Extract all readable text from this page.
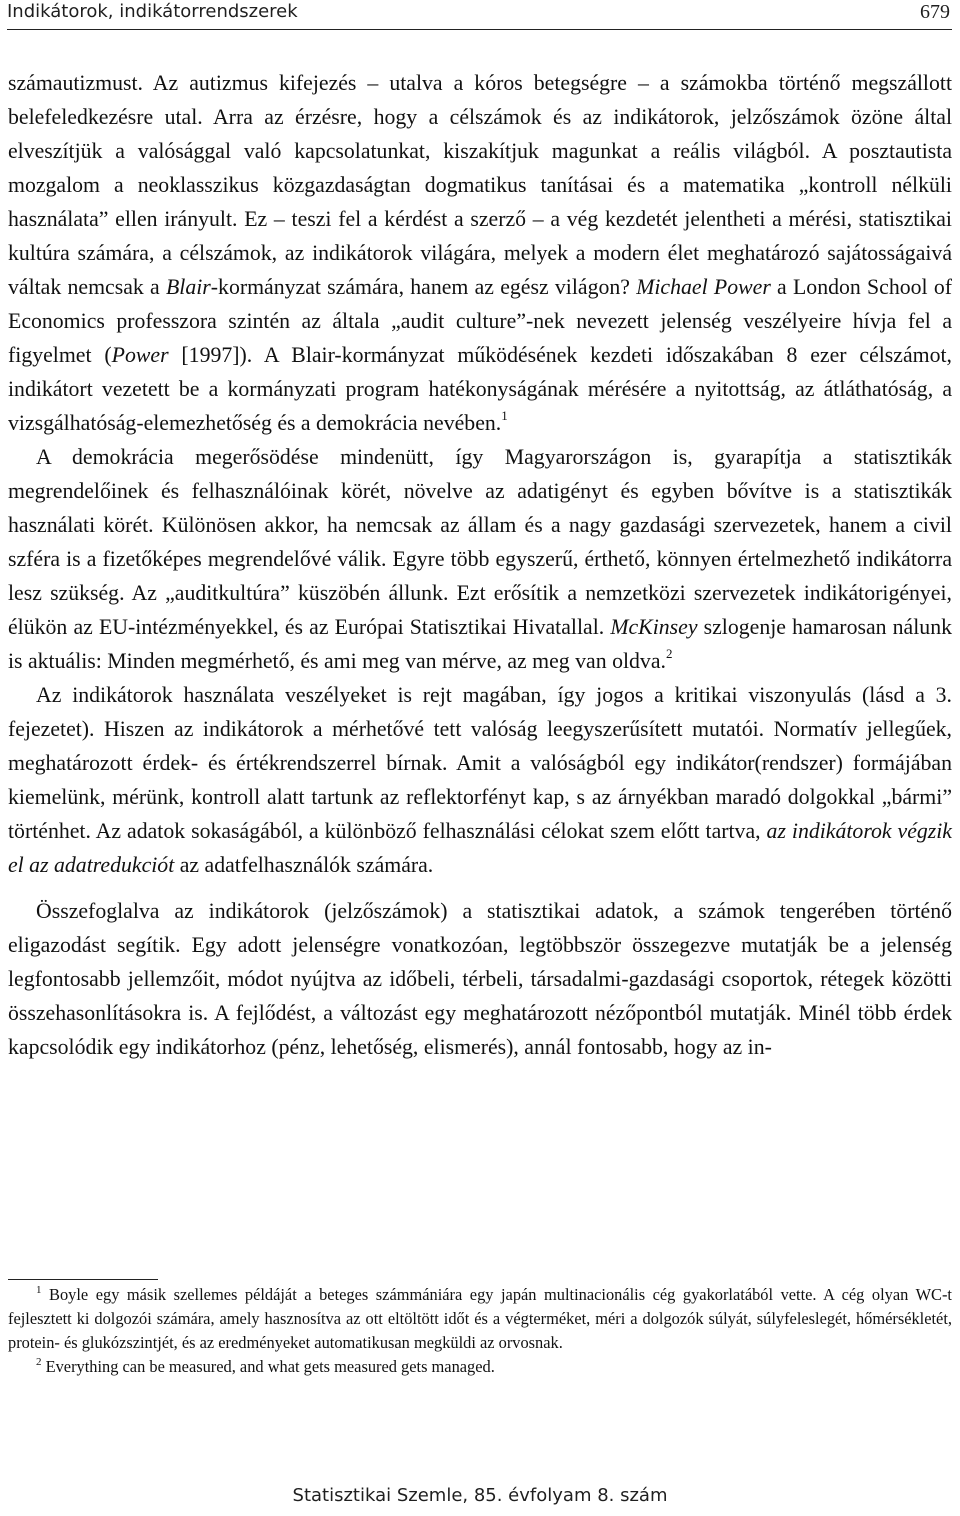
Indikátorok, indikátorrendszerek	679

számautizmust. Az autizmus kifejezés – utalva a kóros betegségre – a számokba történő megszállott belefeledkezésre utal. Arra az érzésre, hogy a célszámok és az indikátorok, jelzőszámok özöne által elveszítjük a valósággal való kapcsolatunkat, kiszakítjuk magunkat a reális világból. A posztautista mozgalom a neoklasszikus közgazdaságtan dogmatikus tanításai és a matematika „kontroll nélküli használata” ellen irányult. Ez – teszi fel a kérdést a szerző – a vég kezdetét jelentheti a mérési, statisztikai kultúra számára, a célszámok, az indikátorok világára, melyek a modern élet meghatározó sajátosságaivá váltak nemcsak a Blair-kormányzat számára, hanem az egész világon? Michael Power a London School of Economics professzora szintén az általa „audit culture”-nek nevezett jelenség veszélyeire hívja fel a figyelmet (Power [1997]). A Blair-kormányzat működésének kezdeti időszakában 8 ezer célszámot, indikátort vezetett be a kormányzati program hatékonyságának mérésére a nyitottság, az átláthatóság, a vizsgálhatóság-elemezhetőség és a demokrácia nevében.$^1$

A demokrácia megerősödése mindenütt, így Magyarországon is, gyarapítja a statisztikák megrendelőinek és felhasználóinak körét, növelve az adatigényt és egyben bővítve is a statisztikák használati körét. Különösen akkor, ha nemcsak az állam és a nagy gazdasági szervezetek, hanem a civil szféra is a fizetőképes megrendelővé válik. Egyre több egyszerű, érthető, könnyen értelmezhető indikátorra lesz szükség. Az „auditkultúra” küszöbén állunk. Ezt erősítik a nemzetközi szervezetek indikátorigényei, élükön az EU-intézményekkel, és az Európai Statisztikai Hivatallal. McKinsey szlogenje hamarosan nálunk is aktuális: Minden megmérhető, és ami meg van mérve, az meg van oldva.$^2$

Az indikátorok használata veszélyeket is rejt magában, így jogos a kritikai viszonyulás (lásd a 3. fejezetet). Hiszen az indikátorok a mérhetővé tett valóság leegyszerűsített mutatói. Normatív jellegűek, meghatározott érdek- és értékrendszerrel bírnak. Amit a valóságból egy indikátor(rendszer) formájában kiemelünk, mérünk, kontroll alatt tartunk az reflektorfényt kap, s az árnyékban maradó dolgokkal „bármi” történhet. Az adatok sokaságából, a különböző felhasználási célokat szem előtt tartva, az indikátorok végzik el az adatredukciót az adatfelhasználók számára.

Összefoglalva az indikátorok (jelzőszámok) a statisztikai adatok, a számok tengerében történő eligazodást segítik. Egy adott jelenségre vonatkozóan, legtöbbször összegezve mutatják be a jelenség legfontosabb jellemzőit, módot nyújtva az időbeli, térbeli, társadalmi-gazdasági csoportok, rétegek közötti összehasonlításokra is. A fejlődést, a változást egy meghatározott nézőpontból mutatják. Minél több érdek kapcsolódik egy indikátorhoz (pénz, lehetőség, elismerés), annál fontosabb, hogy az in-

$^1$ Boyle egy másik szellemes példáját a beteges számmániára egy japán multinacionális cég gyakorlatából vette. A cég olyan WC-t fejlesztett ki dolgozói számára, amely hasznosítva az ott eltöltött időt és a végterméket, méri a dolgozók súlyát, súlyfeleslegét, hőmérsékletét, protein- és glukózszintjét, és az eredményeket automatikusan megküldi az orvosnak.

$^2$ Everything can be measured, and what gets measured gets managed.

Statisztikai Szemle, 85. évfolyam 8. szám
